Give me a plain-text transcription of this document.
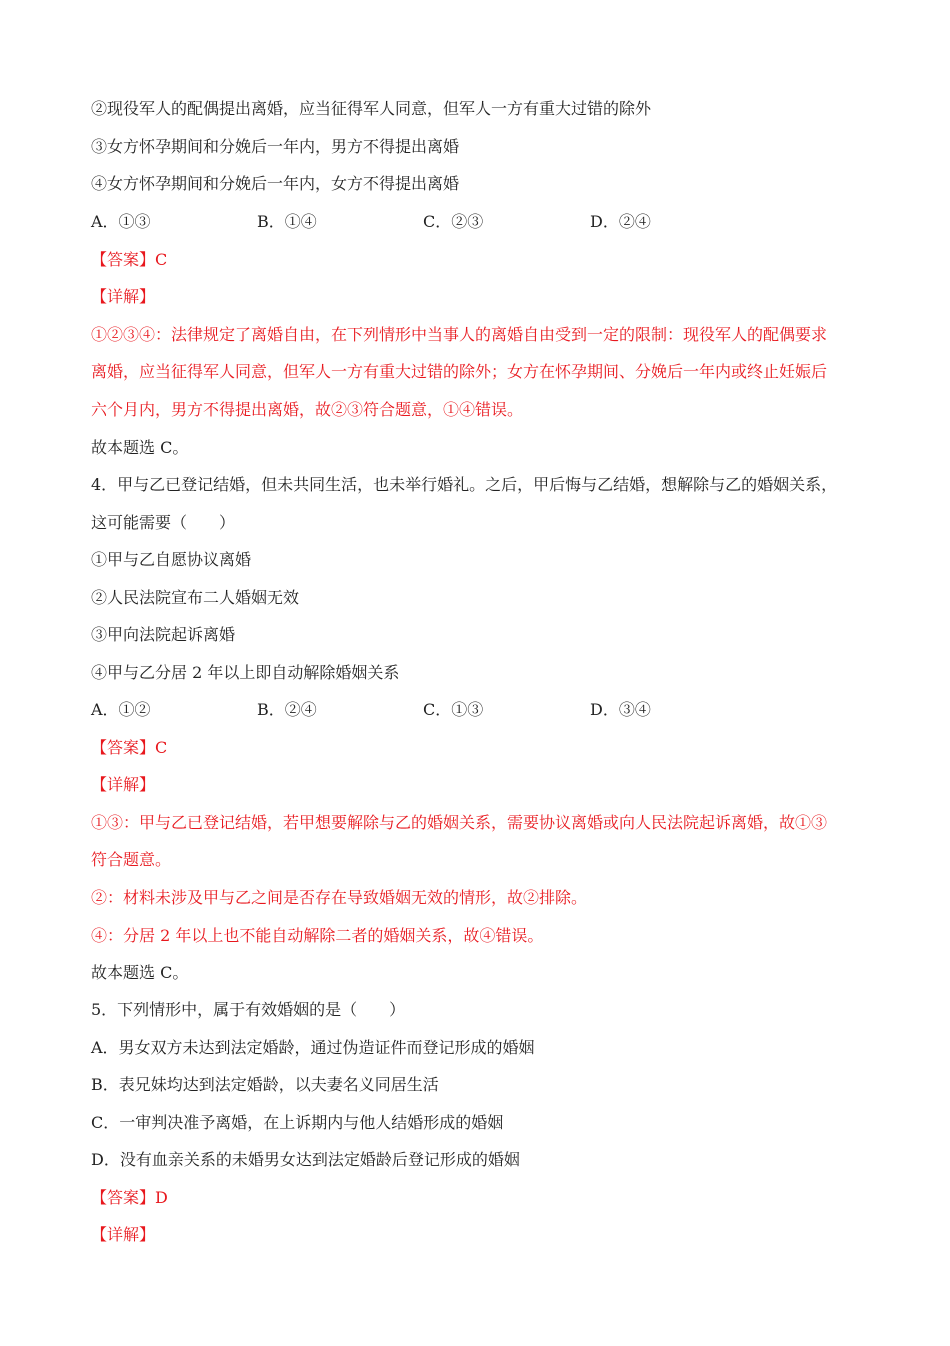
②现役军人的配偶提出离婚，应当征得军人同意，但军人一方有重大过错的除外
③女方怀孕期间和分娩后一年内，男方不得提出离婚
④女方怀孕期间和分娩后一年内，女方不得提出离婚
A．①③	B．①④	C．②③	D．②④
【答案】C
【详解】
①②③④：法律规定了离婚自由，在下列情形中当事人的离婚自由受到一定的限制：现役军人的配偶要求
离婚，应当征得军人同意，但军人一方有重大过错的除外；女方在怀孕期间、分娩后一年内或终止妊娠后
六个月内，男方不得提出离婚，故②③符合题意，①④错误。
故本题选 C。
4．甲与乙已登记结婚，但未共同生活，也未举行婚礼。之后，甲后悔与乙结婚，想解除与乙的婚姻关系，
这可能需要（　　）
①甲与乙自愿协议离婚
②人民法院宣布二人婚姻无效
③甲向法院起诉离婚
④甲与乙分居 2 年以上即自动解除婚姻关系
A．①②	B．②④	C．①③	D．③④
【答案】C
【详解】
①③：甲与乙已登记结婚，若甲想要解除与乙的婚姻关系，需要协议离婚或向人民法院起诉离婚，故①③
符合题意。
②：材料未涉及甲与乙之间是否存在导致婚姻无效的情形，故②排除。
④：分居 2 年以上也不能自动解除二者的婚姻关系，故④错误。
故本题选 C。
5．下列情形中，属于有效婚姻的是（　　）
A．男女双方未达到法定婚龄，通过伪造证件而登记形成的婚姻
B．表兄妹均达到法定婚龄，以夫妻名义同居生活
C．一审判决准予离婚，在上诉期内与他人结婚形成的婚姻
D．没有血亲关系的未婚男女达到法定婚龄后登记形成的婚姻
【答案】D
【详解】
